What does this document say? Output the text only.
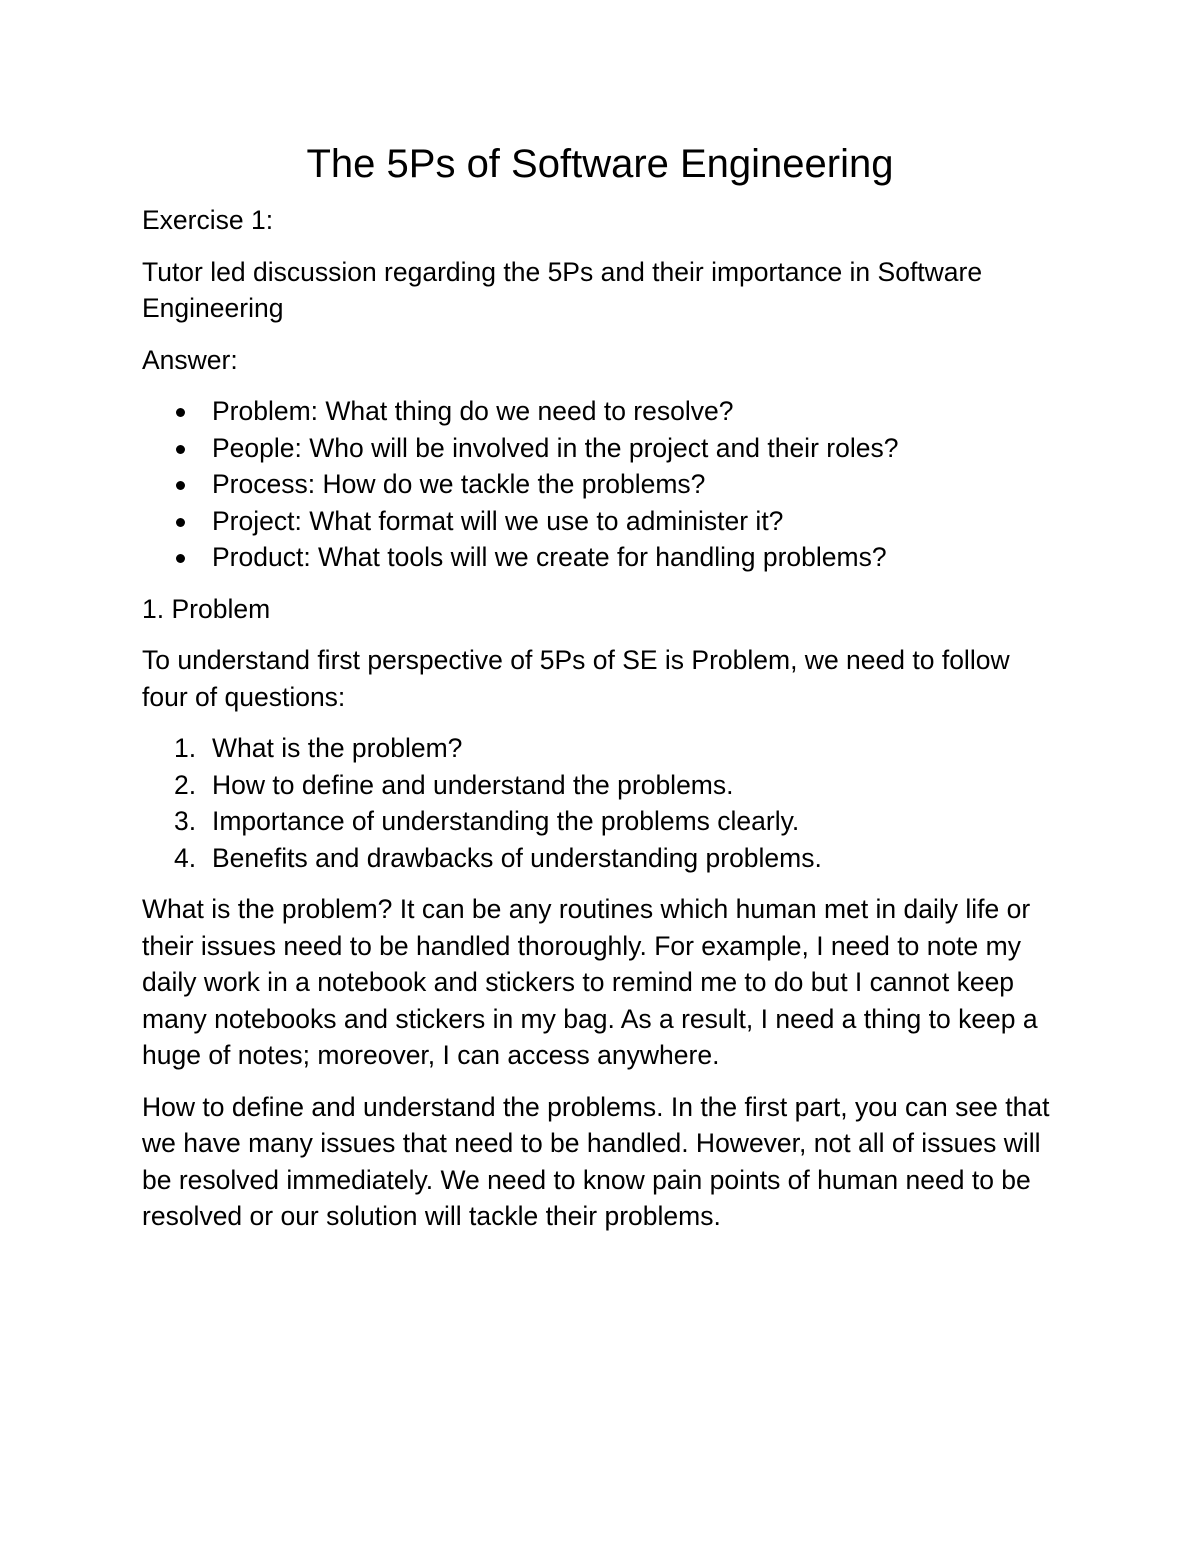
The 5Ps of Software Engineering

Exercise 1:

Tutor led discussion regarding the 5Ps and their importance in Software Engineering

Answer:

Problem: What thing do we need to resolve?
People: Who will be involved in the project and their roles?
Process: How do we tackle the problems?
Project: What format will we use to administer it?
Product: What tools will we create for handling problems?

1. Problem

To understand first perspective of 5Ps of SE is Problem, we need to follow four of questions:

1. What is the problem?
2. How to define and understand the problems.
3. Importance of understanding the problems clearly.
4. Benefits and drawbacks of understanding problems.

What is the problem? It can be any routines which human met in daily life or their issues need to be handled thoroughly. For example, I need to note my daily work in a notebook and stickers to remind me to do but I cannot keep many notebooks and stickers in my bag. As a result, I need a thing to keep a huge of notes; moreover, I can access anywhere.

How to define and understand the problems. In the first part, you can see that we have many issues that need to be handled. However, not all of issues will be resolved immediately. We need to know pain points of human need to be resolved or our solution will tackle their problems.
